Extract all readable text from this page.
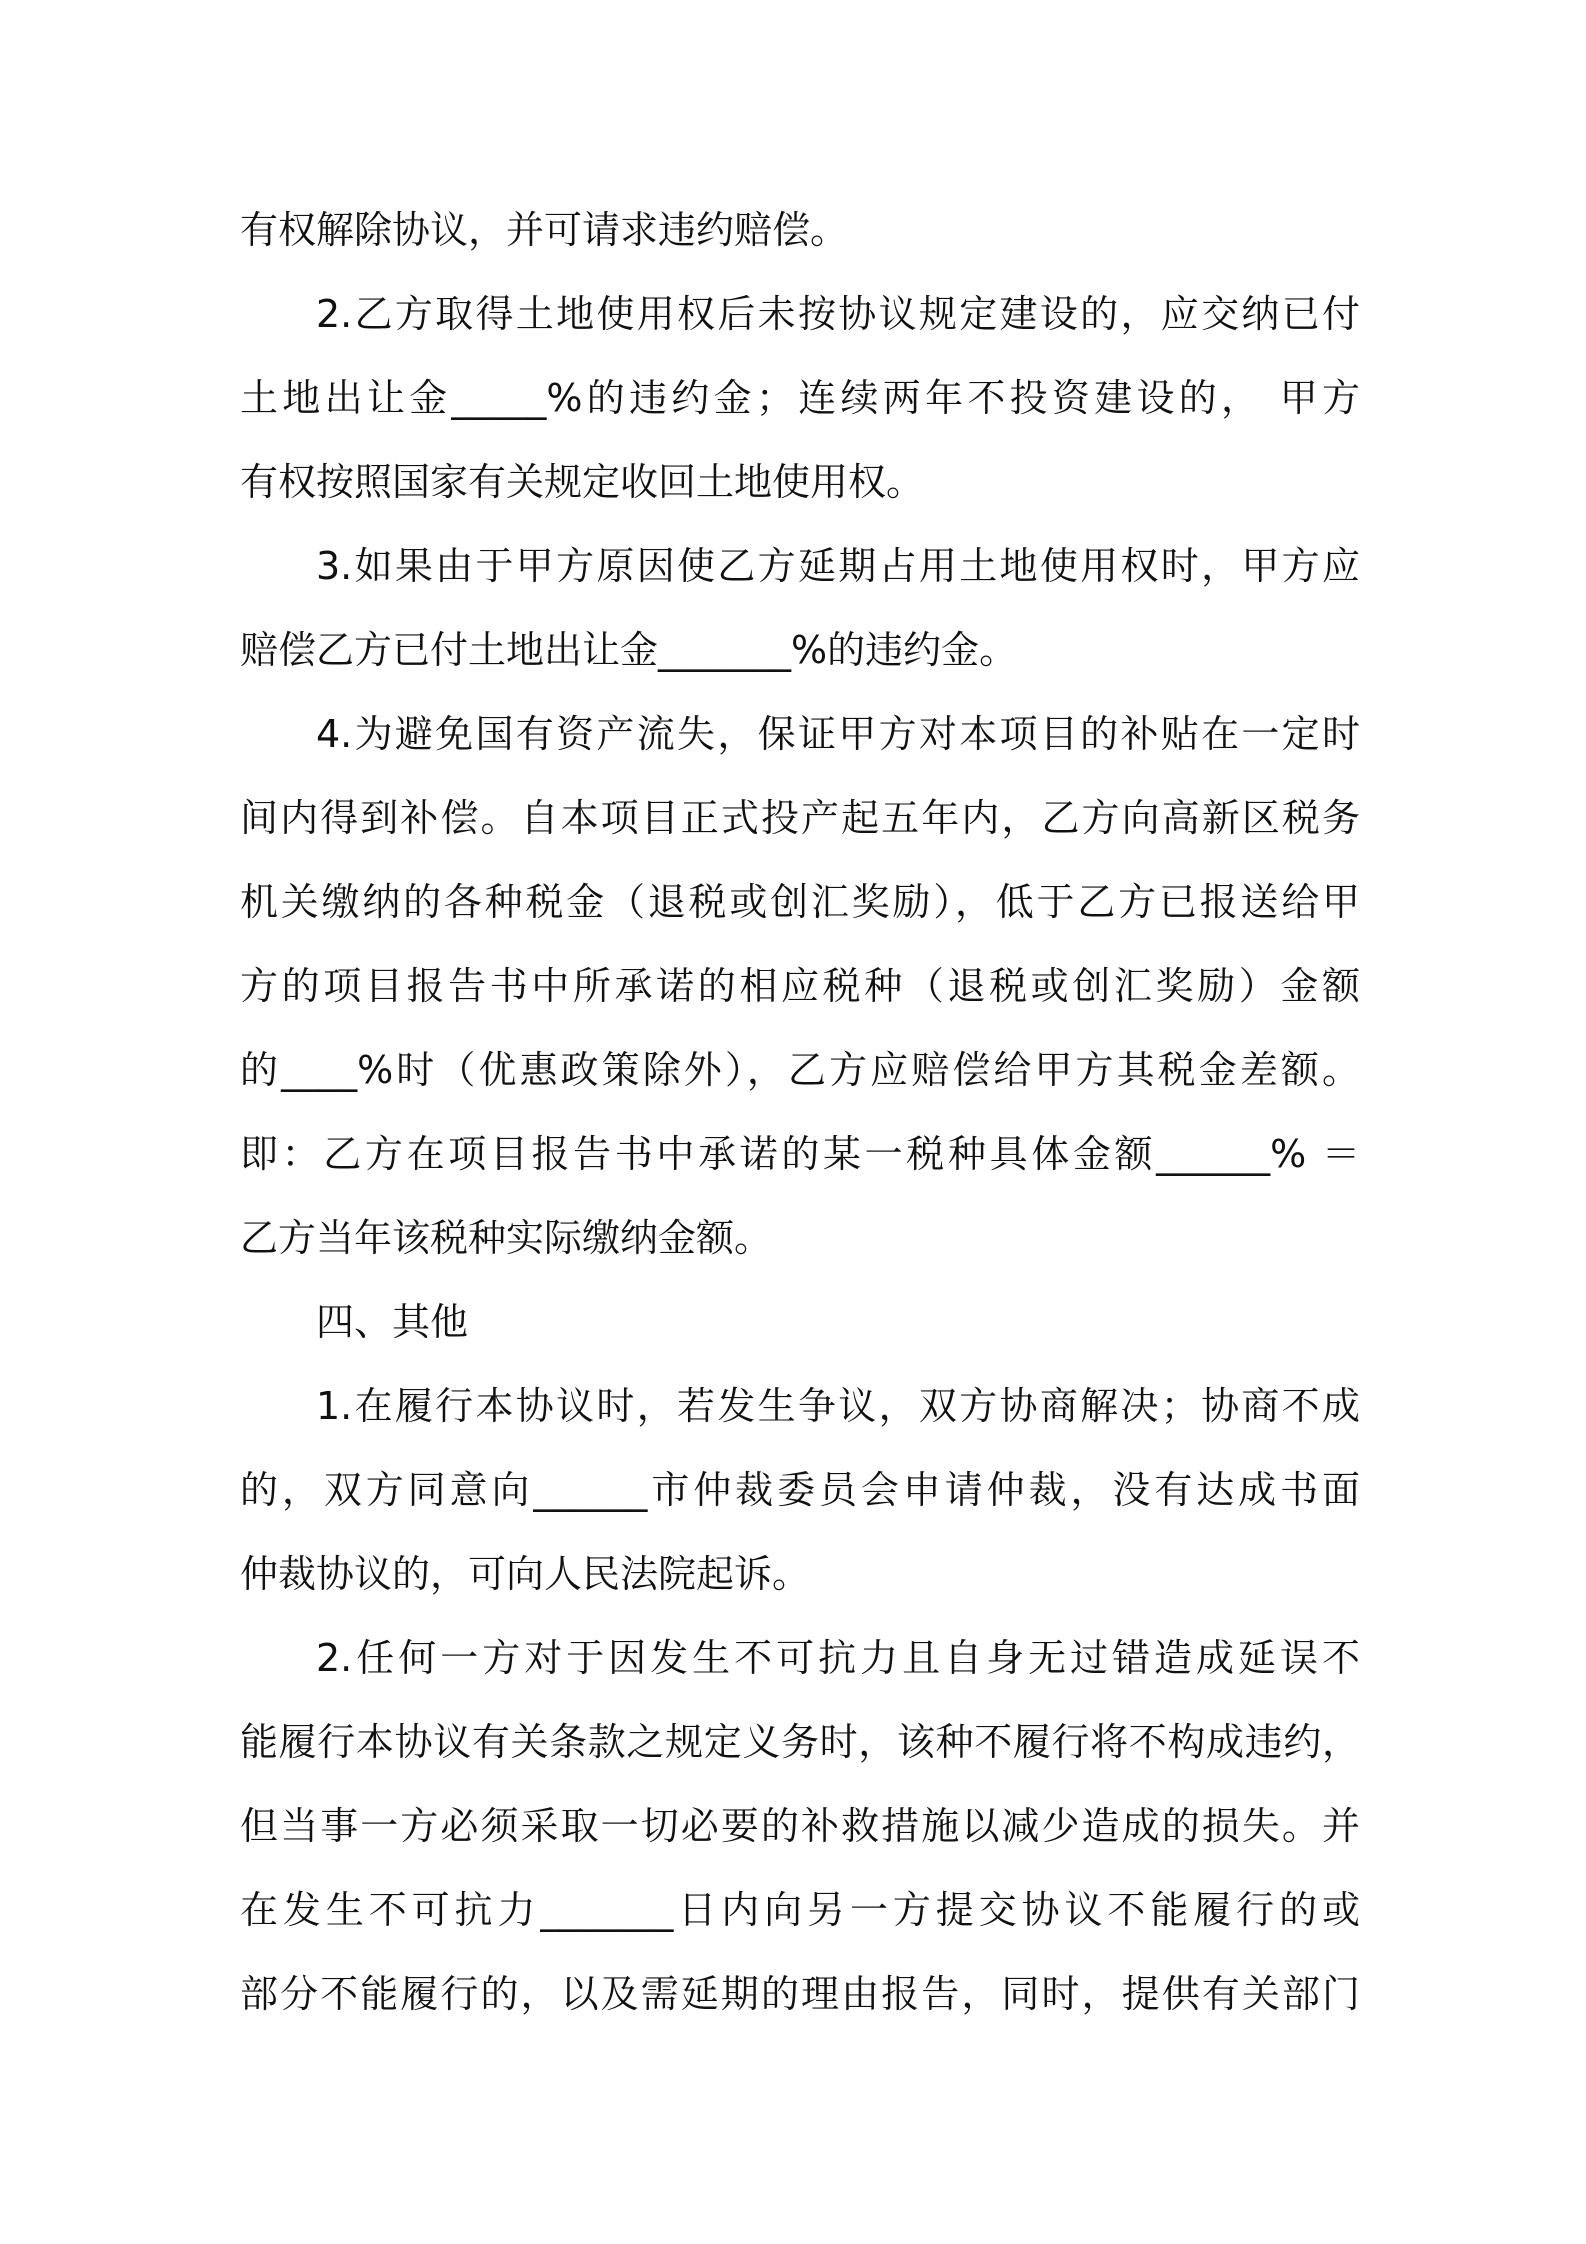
有权解除协议，并可请求违约赔偿。
2.乙方取得土地使用权后未按协议规定建设的，应交纳已付
土地出让金_____%的违约金；连续两年不投资建设的， 甲方
有权按照国家有关规定收回土地使用权。
3.如果由于甲方原因使乙方延期占用土地使用权时，甲方应
赔偿乙方已付土地出让金_______%的违约金。
4.为避免国有资产流失，保证甲方对本项目的补贴在一定时
间内得到补偿。自本项目正式投产起五年内，乙方向高新区税务
机关缴纳的各种税金（退税或创汇奖励），低于乙方已报送给甲
方的项目报告书中所承诺的相应税种（退税或创汇奖励）金额
的____%时（优惠政策除外），乙方应赔偿给甲方其税金差额。
即：乙方在项目报告书中承诺的某一税种具体金额______% ＝
乙方当年该税种实际缴纳金额。
四、其他
1.在履行本协议时，若发生争议，双方协商解决；协商不成
的，双方同意向______市仲裁委员会申请仲裁，没有达成书面
仲裁协议的，可向人民法院起诉。
2.任何一方对于因发生不可抗力且自身无过错造成延误不
能履行本协议有关条款之规定义务时，该种不履行将不构成违约，
但当事一方必须采取一切必要的补救措施以减少造成的损失。并
在发生不可抗力_______日内向另一方提交协议不能履行的或
部分不能履行的，以及需延期的理由报告，同时，提供有关部门
